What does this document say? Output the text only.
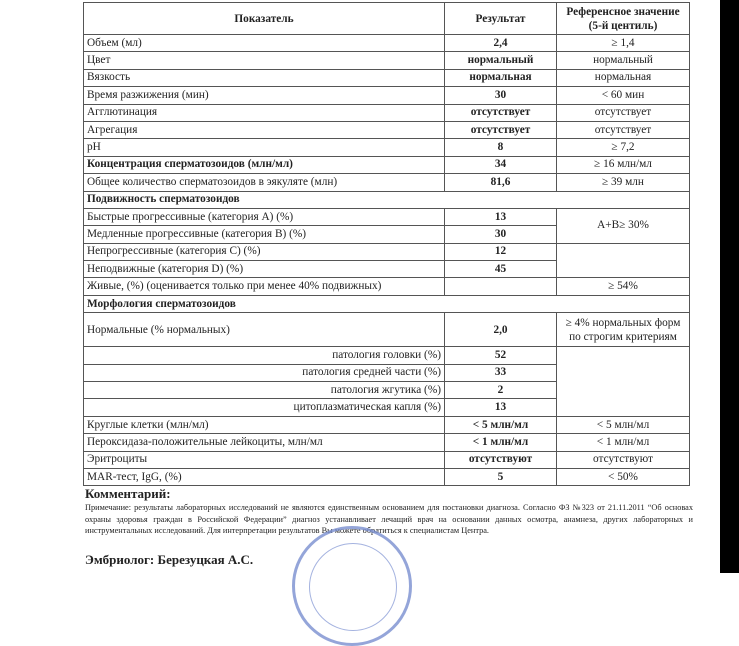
Показатель	Результат	Референсное значение (5-й центиль)
Объем (мл)	2,4	≥ 1,4
Цвет	нормальный	нормальный
Вязкость	нормальная	нормальная
Время разжижения (мин)	30	< 60 мин
Агглютинация	отсутствует	отсутствует
Агрегация	отсутствует	отсутствует
pH	8	≥ 7,2
Концентрация сперматозоидов (млн/мл)	34	≥ 16 млн/мл
Общее количество сперматозоидов в эякуляте (млн)	81,6	≥ 39 млн
Подвижность сперматозоидов		
Быстрые прогрессивные (категория A) (%)	13	A+B≥ 30%
Медленные прогрессивные (категория B) (%)	30	
Непрогрессивные (категория C) (%)	12	
Неподвижные (категория D) (%)	45	
Живые, (%) (оценивается только при менее 40% подвижных)		≥ 54%
Морфология сперматозоидов		
Нормальные (% нормальных)	2,0	≥ 4% нормальных форм по строгим критериям
патология головки (%)	52	
патология средней части (%)	33	
патология жгутика (%)	2	
цитоплазматическая капля (%)	13	
Круглые клетки (млн/мл)	< 5 млн/мл	< 5 млн/мл
Пероксидаза-положительные лейкоциты, млн/мл	< 1 млн/мл	< 1 млн/мл
Эритроциты	отсутствуют	отсутствуют
MAR-тест, IgG, (%)	5	< 50%
Комментарий:
Примечание: результаты лабораторных исследований не являются единственным основанием для постановки диагноза. Согласно ФЗ №323 от 21.11.2011 “Об основах охраны здоровья граждан в Российской Федерации” диагноз устанавливает лечащий врач на основании данных осмотра, анамнеза, других лабораторных и инструментальных исследований. Для интерпретации результатов Вы можете обратиться к специалистам Центра.
Эмбриолог: Березуцкая А.С.
